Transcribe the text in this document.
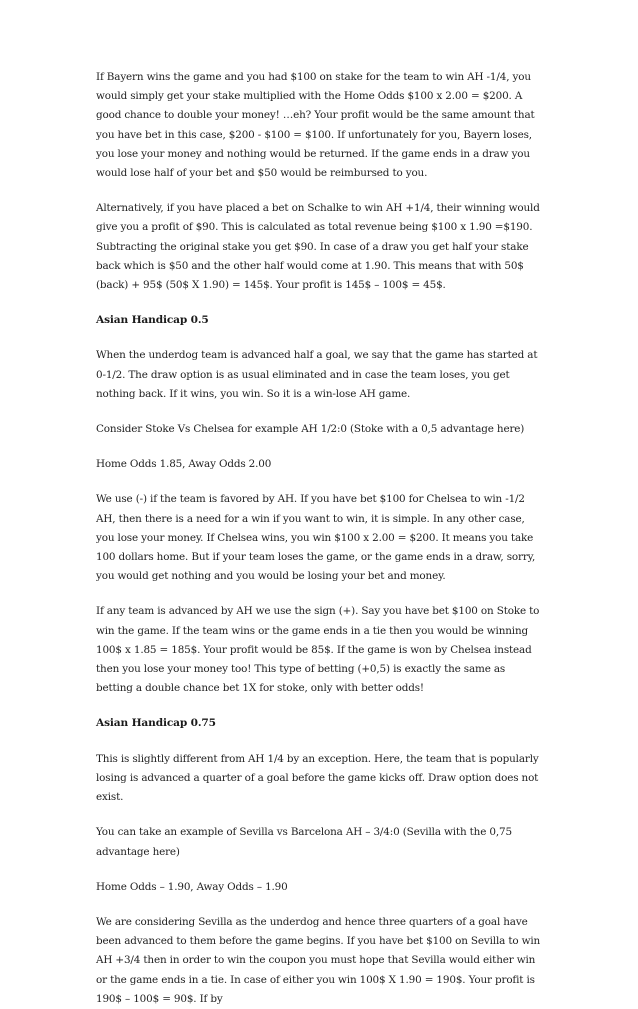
If Bayern wins the game and you had $100 on stake for the team to win AH -1/4, you would simply get your stake multiplied with the Home Odds $100 x 2.00 = $200. A good chance to double your money! …eh? Your profit would be the same amount that you have bet in this case, $200 - $100 = $100. If unfortunately for you, Bayern loses, you lose your money and nothing would be returned. If the game ends in a draw you would lose half of your bet and $50 would be reimbursed to you.

Alternatively, if you have placed a bet on Schalke to win AH +1/4, their winning would give you a profit of $90. This is calculated as total revenue being $100 x 1.90 =$190. Subtracting the original stake you get $90. In case of a draw you get half your stake back which is $50 and the other half would come at 1.90. This means that with 50$ (back) + 95$ (50$ X 1.90) = 145$. Your profit is 145$ – 100$ = 45$.

Asian Handicap 0.5

When the underdog team is advanced half a goal, we say that the game has started at 0-1/2. The draw option is as usual eliminated and in case the team loses, you get nothing back. If it wins, you win. So it is a win-lose AH game.

Consider Stoke Vs Chelsea for example AH 1/2:0 (Stoke with a 0,5 advantage here)

Home Odds 1.85, Away Odds 2.00

We use (-) if the team is favored by AH. If you have bet $100 for Chelsea to win -1/2 AH, then there is a need for a win if you want to win, it is simple. In any other case, you lose your money. If Chelsea wins, you win $100 x 2.00 = $200. It means you take 100 dollars home. But if your team loses the game, or the game ends in a draw, sorry, you would get nothing and you would be losing your bet and money.

If any team is advanced by AH we use the sign (+). Say you have bet $100 on Stoke to win the game. If the team wins or the game ends in a tie then you would be winning 100$ x 1.85 = 185$. Your profit would be 85$. If the game is won by Chelsea instead then you lose your money too! This type of betting (+0,5) is exactly the same as betting a double chance bet 1X for stoke, only with better odds!

Asian Handicap 0.75

This is slightly different from AH 1/4 by an exception. Here, the team that is popularly losing is advanced a quarter of a goal before the game kicks off. Draw option does not exist.

You can take an example of Sevilla vs Barcelona AH – 3/4:0 (Sevilla with the 0,75 advantage here)

Home Odds – 1.90, Away Odds – 1.90

We are considering Sevilla as the underdog and hence three quarters of a goal have been advanced to them before the game begins. If you have bet $100 on Sevilla to win AH +3/4 then in order to win the coupon you must hope that Sevilla would either win or the game ends in a tie. In case of either you win 100$ X 1.90 = 190$. Your profit is 190$ – 100$ = 90$. If by
